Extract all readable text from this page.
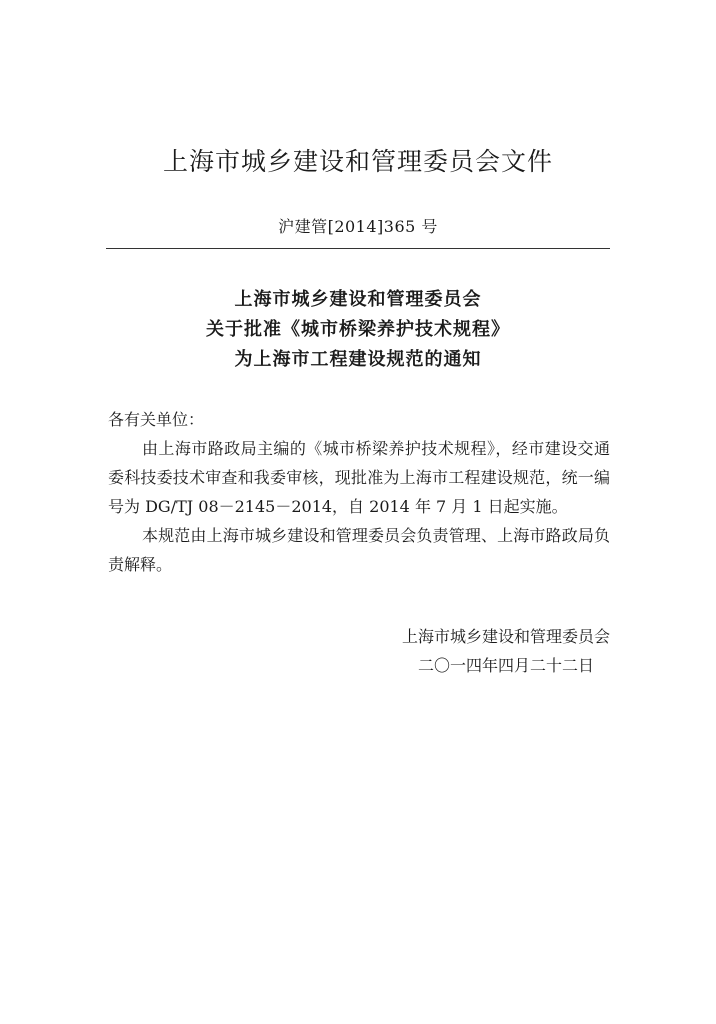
上海市城乡建设和管理委员会文件
沪建管[2014]365 号
上海市城乡建设和管理委员会
关于批准《城市桥梁养护技术规程》
为上海市工程建设规范的通知

各有关单位：

由上海市路政局主编的《城市桥梁养护技术规程》，经市建设交通委科技委技术审查和我委审核，现批准为上海市工程建设规范，统一编号为 DG/TJ 08－2145－2014，自 2014 年 7 月 1 日起实施。

本规范由上海市城乡建设和管理委员会负责管理、上海市路政局负责解释。

上海市城乡建设和管理委员会
二〇一四年四月二十二日
